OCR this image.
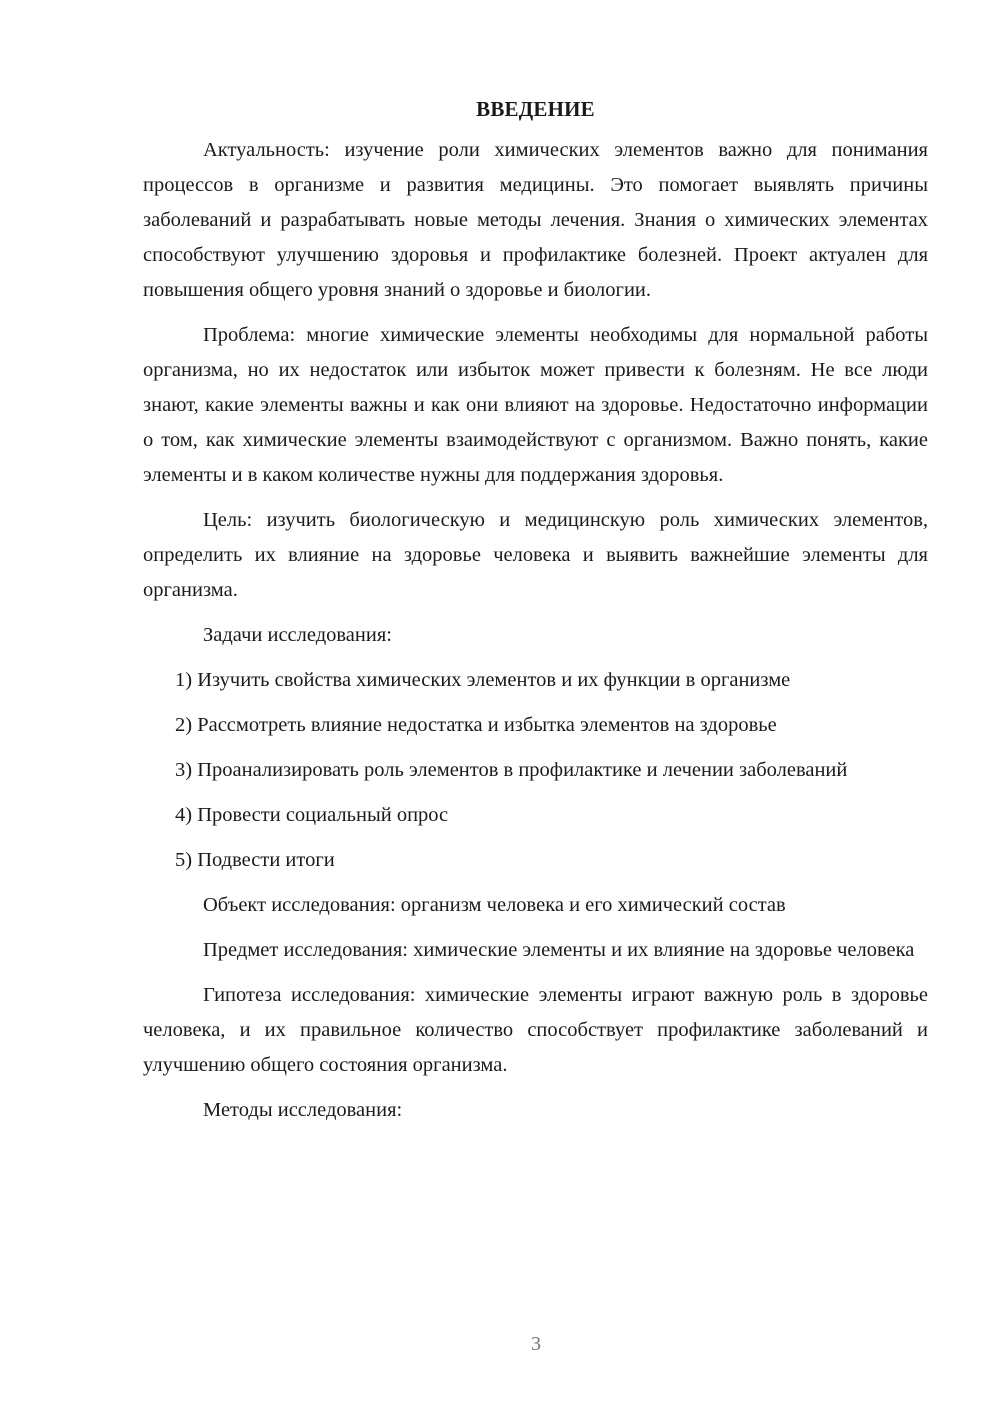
ВВЕДЕНИЕ

Актуальность: изучение роли химических элементов важно для понимания процессов в организме и развития медицины. Это помогает выявлять причины заболеваний и разрабатывать новые методы лечения. Знания о химических элементах способствуют улучшению здоровья и профилактике болезней. Проект актуален для повышения общего уровня знаний о здоровье и биологии.

Проблема: многие химические элементы необходимы для нормальной работы организма, но их недостаток или избыток может привести к болезням. Не все люди знают, какие элементы важны и как они влияют на здоровье. Недостаточно информации о том, как химические элементы взаимодействуют с организмом. Важно понять, какие элементы и в каком количестве нужны для поддержания здоровья.

Цель: изучить биологическую и медицинскую роль химических элементов, определить их влияние на здоровье человека и выявить важнейшие элементы для организма.

Задачи исследования:

1) Изучить свойства химических элементов и их функции в организме

2) Рассмотреть влияние недостатка и избытка элементов на здоровье

3) Проанализировать роль элементов в профилактике и лечении заболеваний

4) Провести социальный опрос

5) Подвести итоги

Объект исследования: организм человека и его химический состав

Предмет исследования: химические элементы и их влияние на здоровье человека

Гипотеза исследования: химические элементы играют важную роль в здоровье человека, и их правильное количество способствует профилактике заболеваний и улучшению общего состояния организма.

Методы исследования:

3
